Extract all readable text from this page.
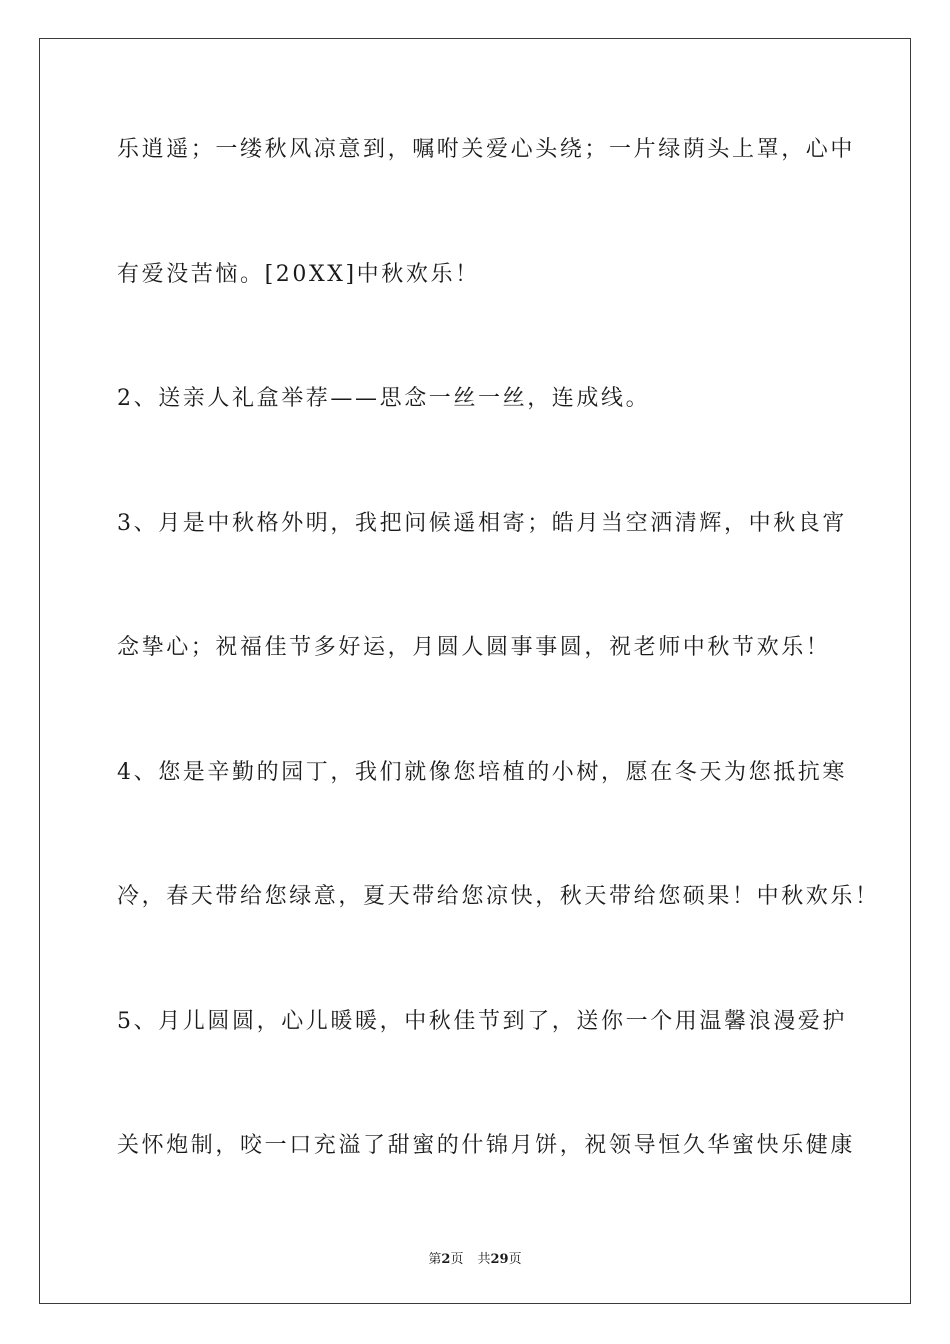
乐逍遥；一缕秋风凉意到，嘱咐关爱心头绕；一片绿荫头上罩，心中
有爱没苦恼。[20XX]中秋欢乐！
2、送亲人礼盒举荐——思念一丝一丝，连成线。
3、月是中秋格外明，我把问候遥相寄；皓月当空洒清辉，中秋良宵
念挚心；祝福佳节多好运，月圆人圆事事圆，祝老师中秋节欢乐！
4、您是辛勤的园丁，我们就像您培植的小树，愿在冬天为您抵抗寒
冷，春天带给您绿意，夏天带给您凉快，秋天带给您硕果！中秋欢乐！
5、月儿圆圆，心儿暖暖，中秋佳节到了，送你一个用温馨浪漫爱护
关怀炮制，咬一口充溢了甜蜜的什锦月饼，祝领导恒久华蜜快乐健康
第2页 共29页
